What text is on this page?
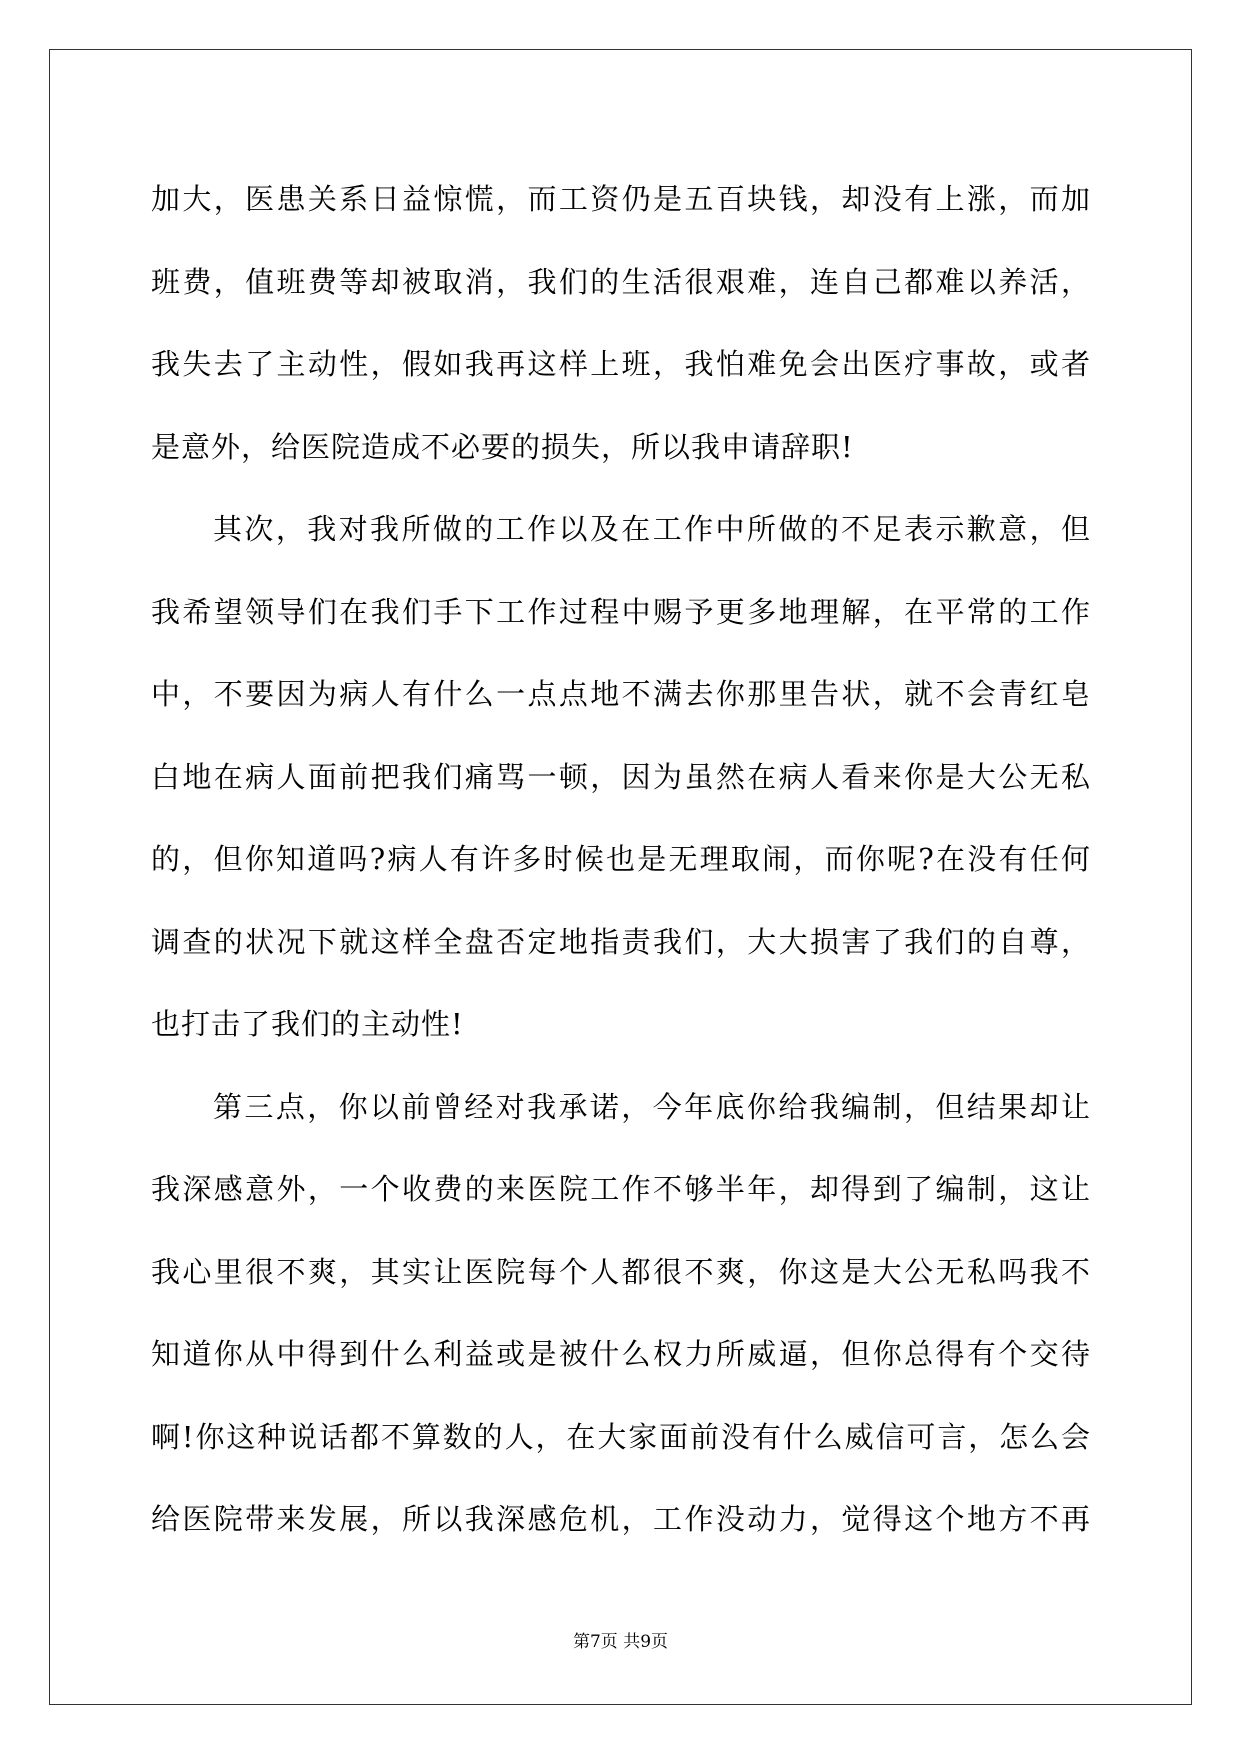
加大，医患关系日益惊慌，而工资仍是五百块钱，却没有上涨，而加
班费，值班费等却被取消，我们的生活很艰难，连自己都难以养活，
我失去了主动性，假如我再这样上班，我怕难免会出医疗事故，或者
是意外，给医院造成不必要的损失，所以我申请辞职!
其次，我对我所做的工作以及在工作中所做的不足表示歉意，但
我希望领导们在我们手下工作过程中赐予更多地理解，在平常的工作
中，不要因为病人有什么一点点地不满去你那里告状，就不会青红皂
白地在病人面前把我们痛骂一顿，因为虽然在病人看来你是大公无私
的，但你知道吗?病人有许多时候也是无理取闹，而你呢?在没有任何
调查的状况下就这样全盘否定地指责我们，大大损害了我们的自尊，
也打击了我们的主动性!
第三点，你以前曾经对我承诺，今年底你给我编制，但结果却让
我深感意外，一个收费的来医院工作不够半年，却得到了编制，这让
我心里很不爽，其实让医院每个人都很不爽，你这是大公无私吗我不
知道你从中得到什么利益或是被什么权力所威逼，但你总得有个交待
啊!你这种说话都不算数的人，在大家面前没有什么威信可言，怎么会
给医院带来发展，所以我深感危机，工作没动力，觉得这个地方不再
第7页 共9页
